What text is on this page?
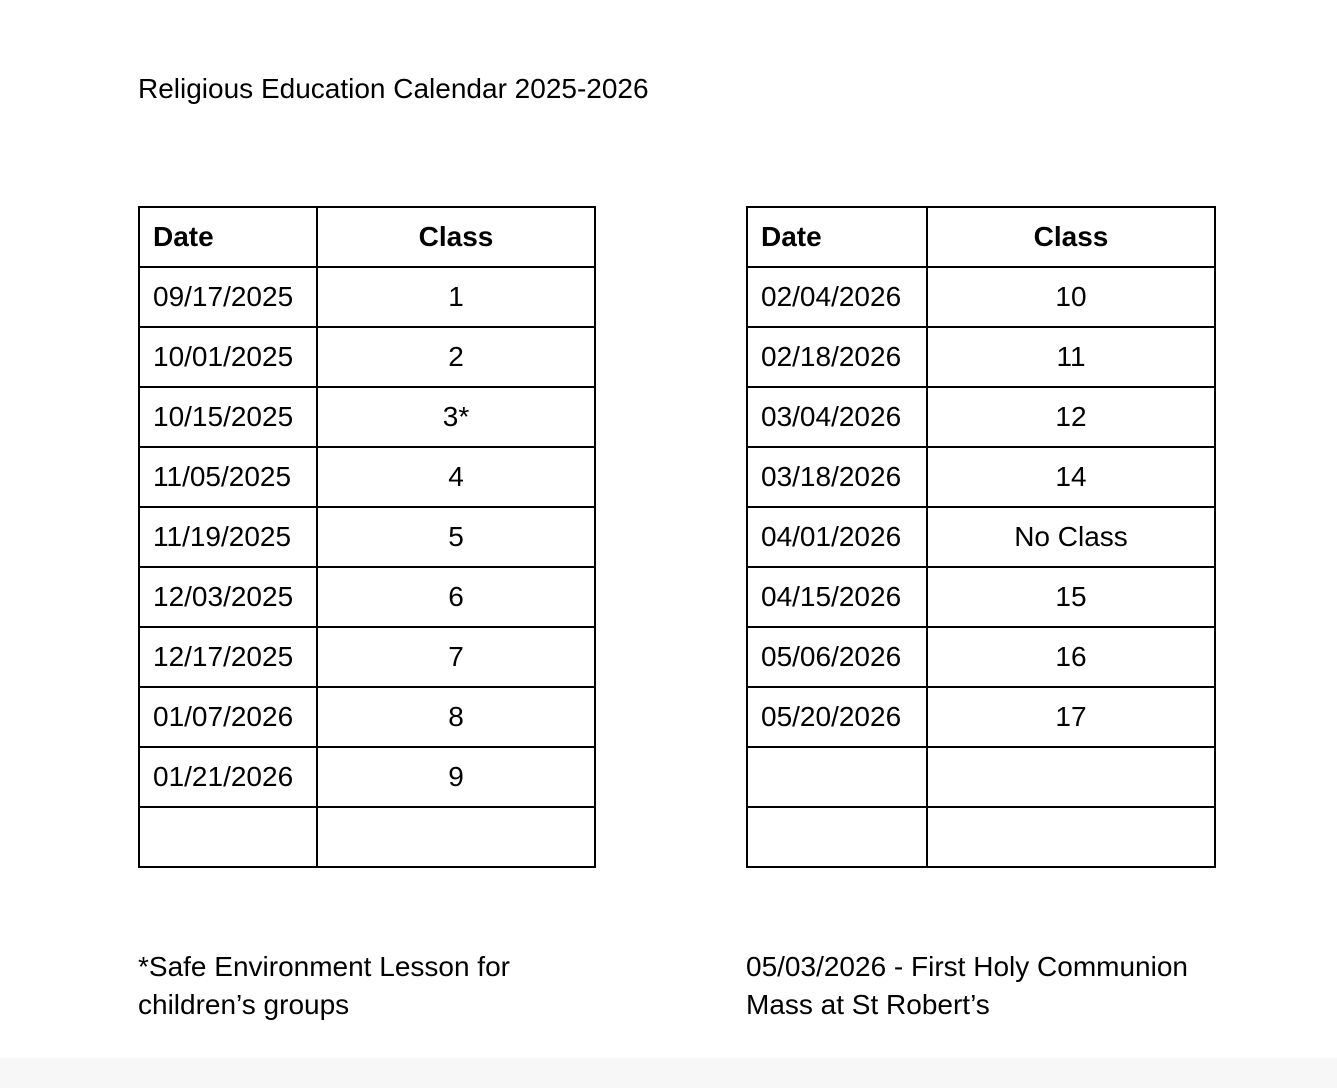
Religious Education Calendar 2025-2026
Date	Class
09/17/2025	1
10/01/2025	2
10/15/2025	3*
11/05/2025	4
11/19/2025	5
12/03/2025	6
12/17/2025	7
01/07/2026	8
01/21/2026	9

Date	Class
02/04/2026	10
02/18/2026	11
03/04/2026	12
03/18/2026	14
04/01/2026	No Class
04/15/2026	15
05/06/2026	16
05/20/2026	17

*Safe Environment Lesson for
children’s groups
05/03/2026 - First Holy Communion
Mass at St Robert’s
